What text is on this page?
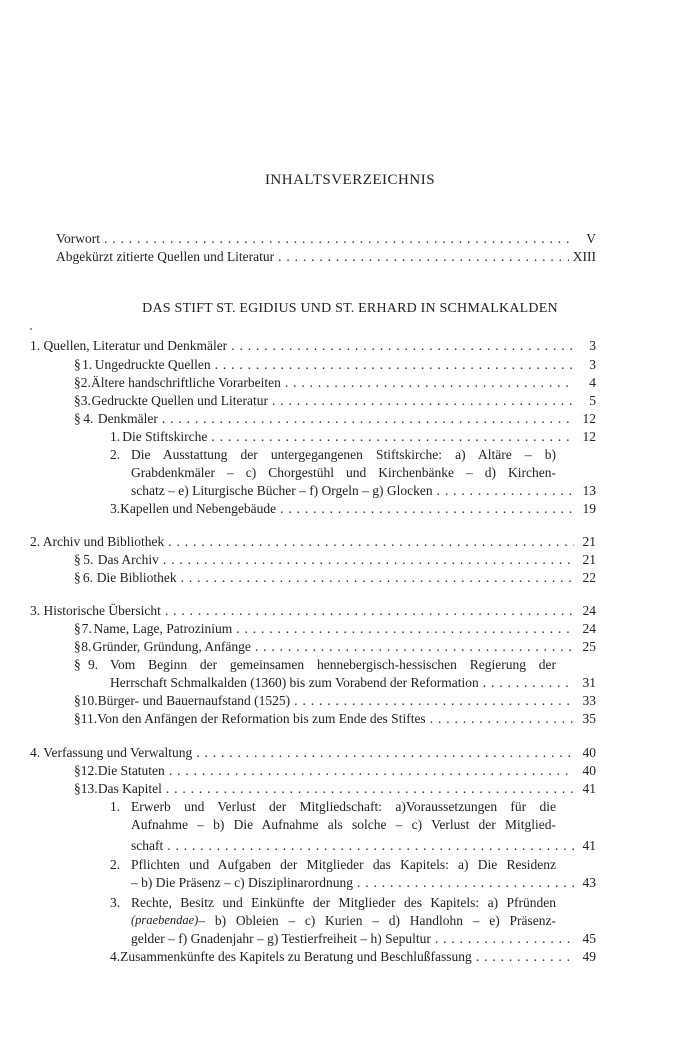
INHALTSVERZEICHNIS
Vorwort . . .	V
Abgekürzt zitierte Quellen und Literatur . . .	XIII
DAS STIFT ST. EGIDIUS UND ST. ERHARD IN SCHMALKALDEN
1. Quellen, Literatur und Denkmäler . . .	3
§ 1. Ungedruckte Quellen . . .	3
§ 2. Ältere handschriftliche Vorarbeiten . . .	4
§ 3. Gedruckte Quellen und Literatur . . .	5
§ 4. Denkmäler . . .	12
1. Die Stiftskirche . . .	12
2. Die Ausstattung der untergegangenen Stiftskirche: a) Altäre – b)
Grabdenkmäler – c) Chorgestühl und Kirchenbänke – d) Kirchen-
schatz – e) Liturgische Bücher – f) Orgeln – g) Glocken . . .	13
3. Kapellen und Nebengebäude . . .	19
2. Archiv und Bibliothek . . .	21
§ 5. Das Archiv . . .	21
§ 6. Die Bibliothek . . .	22
3. Historische Übersicht . . .	24
§ 7. Name, Lage, Patrozinium . . .	24
§ 8. Gründer, Gründung, Anfänge . . .	25
§ 9. Vom Beginn der gemeinsamen hennebergisch-hessischen Regierung der
Herrschaft Schmalkalden (1360) bis zum Vorabend der Reformation . . .	31
§ 10. Bürger- und Bauernaufstand (1525) . . .	33
§ 11. Von den Anfängen der Reformation bis zum Ende des Stiftes . . .	35
4. Verfassung und Verwaltung . . .	40
§ 12. Die Statuten . . .	40
§ 13. Das Kapitel . . .	41
1. Erwerb und Verlust der Mitgliedschaft: a)Voraussetzungen für die
Aufnahme – b) Die Aufnahme als solche – c) Verlust der Mitglied-
schaft . . .	41
2. Pflichten und Aufgaben der Mitglieder das Kapitels: a) Die Residenz
– b) Die Präsenz – c) Disziplinarordnung . . .	43
3. Rechte, Besitz und Einkünfte der Mitglieder des Kapitels: a) Pfründen
(praebendae) – b) Obleien – c) Kurien – d) Handlohn – e) Präsenz-
gelder – f) Gnadenjahr – g) Testierfreiheit – h) Sepultur . . .	45
4. Zusammenkünfte des Kapitels zu Beratung und Beschlußfassung . . .	49
